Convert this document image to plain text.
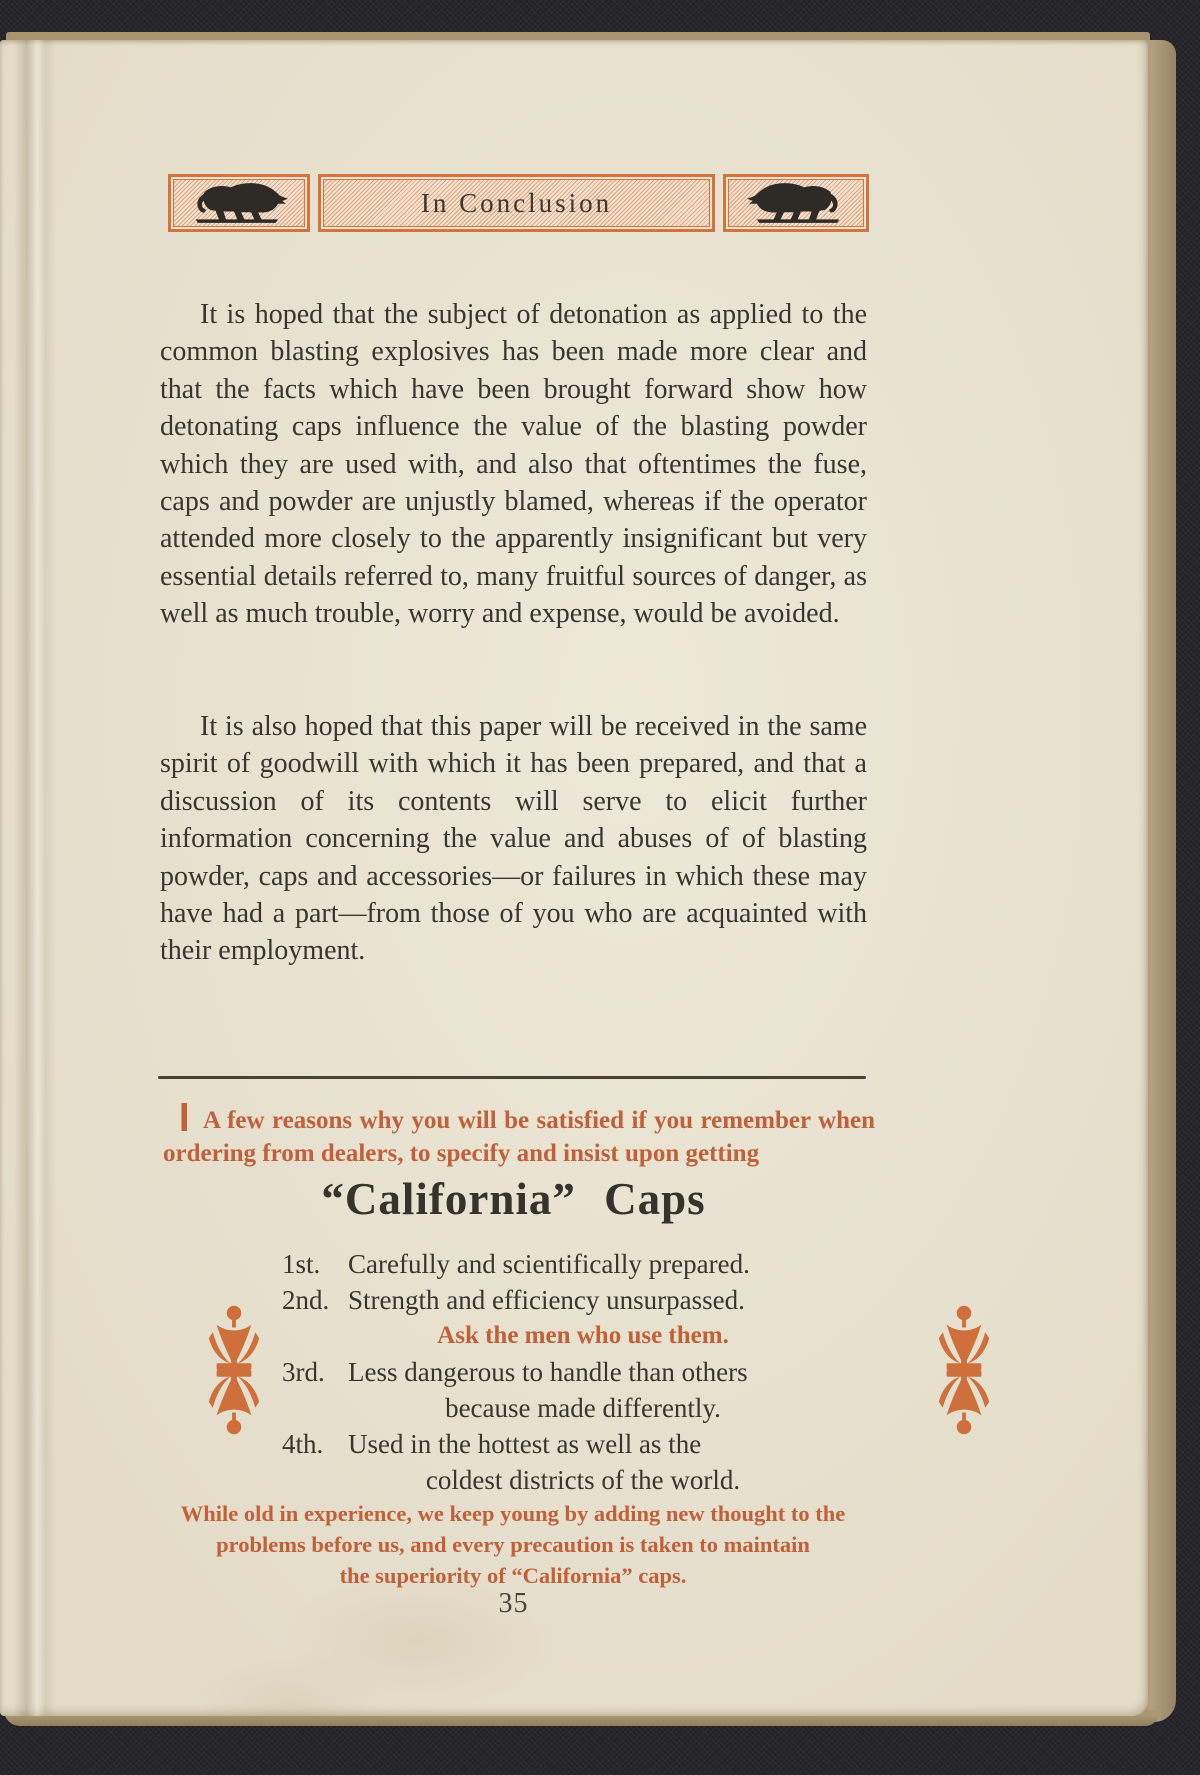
In Conclusion

It is hoped that the subject of detonation as applied to the common blasting explosives has been made more clear and that the facts which have been brought forward show how detonating caps influence the value of the blasting powder which they are used with, and also that oftentimes the fuse, caps and powder are unjustly blamed, whereas if the operator attended more closely to the apparently insignificant but very essential details referred to, many fruitful sources of danger, as well as much trouble, worry and expense, would be avoided.

It is also hoped that this paper will be received in the same spirit of goodwill with which it has been prepared, and that a discussion of its contents will serve to elicit further information concerning the value and abuses of of blasting powder, caps and accessories—or failures in which these may have had a part—from those of you who are acquainted with their employment.

A few reasons why you will be satisfied if you remember when ordering from dealers, to specify and insist upon getting
“California” Caps
1st.	Carefully and scientifically prepared.
2nd. Strength and efficiency unsurpassed.
Ask the men who use them.
3rd. Less dangerous to handle than others
because made differently.
4th. Used in the hottest as well as the
coldest districts of the world.
While old in experience, we keep young by adding new thought to the
problems before us, and every precaution is taken to maintain
the superiority of “California” caps.
35
